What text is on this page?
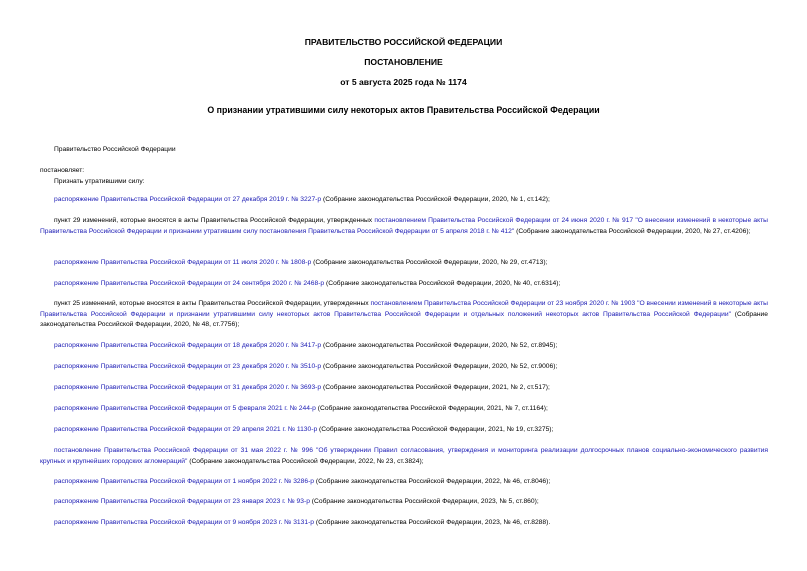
ПРАВИТЕЛЬСТВО РОССИЙСКОЙ ФЕДЕРАЦИИ
ПОСТАНОВЛЕНИЕ
от 5 августа 2025 года № 1174
О признании утратившими силу некоторых актов Правительства Российской Федерации
Правительство Российской Федерации
постановляет:
Признать утратившими силу:
распоряжение Правительства Российской Федерации от 27 декабря 2019 г. № 3227-р (Собрание законодательства Российской Федерации, 2020, № 1, ст.142);
пункт 29 изменений, которые вносятся в акты Правительства Российской Федерации, утвержденных постановлением Правительства Российской Федерации от 24 июня 2020 г. № 917 "О внесении изменений в некоторые акты Правительства Российской Федерации и признании утратившим силу постановления Правительства Российской Федерации от 5 апреля 2018 г. № 412" (Собрание законодательства Российской Федерации, 2020, № 27, ст.4206);
распоряжение Правительства Российской Федерации от 11 июля 2020 г. № 1808-р (Собрание законодательства Российской Федерации, 2020, № 29, ст.4713);
распоряжение Правительства Российской Федерации от 24 сентября 2020 г. № 2468-р (Собрание законодательства Российской Федерации, 2020, № 40, ст.6314);
пункт 25 изменений, которые вносятся в акты Правительства Российской Федерации, утвержденных постановлением Правительства Российской Федерации от 23 ноября 2020 г. № 1903 "О внесении изменений в некоторые акты Правительства Российской Федерации и признании утратившими силу некоторых актов Правительства Российской Федерации и отдельных положений некоторых актов Правительства Российской Федерации" (Собрание законодательства Российской Федерации, 2020, № 48, ст.7756);
распоряжение Правительства Российской Федерации от 18 декабря 2020 г. № 3417-р (Собрание законодательства Российской Федерации, 2020, № 52, ст.8945);
распоряжение Правительства Российской Федерации от 23 декабря 2020 г. № 3510-р (Собрание законодательства Российской Федерации, 2020, № 52, ст.9006);
распоряжение Правительства Российской Федерации от 31 декабря 2020 г. № 3693-р (Собрание законодательства Российской Федерации, 2021, № 2, ст.517);
распоряжение Правительства Российской Федерации от 5 февраля 2021 г. № 244-р (Собрание законодательства Российской Федерации, 2021, № 7, ст.1164);
распоряжение Правительства Российской Федерации от 29 апреля 2021 г. № 1130-р (Собрание законодательства Российской Федерации, 2021, № 19, ст.3275);
постановление Правительства Российской Федерации от 31 мая 2022 г. № 996 "Об утверждении Правил согласования, утверждения и мониторинга реализации долгосрочных планов социально-экономического развития крупных и крупнейших городских агломераций" (Собрание законодательства Российской Федерации, 2022, № 23, ст.3824);
распоряжение Правительства Российской Федерации от 1 ноября 2022 г. № 3286-р (Собрание законодательства Российской Федерации, 2022, № 46, ст.8046);
распоряжение Правительства Российской Федерации от 23 января 2023 г. № 93-р (Собрание законодательства Российской Федерации, 2023, № 5, ст.860);
распоряжение Правительства Российской Федерации от 9 ноября 2023 г. № 3131-р (Собрание законодательства Российской Федерации, 2023, № 46, ст.8288).
